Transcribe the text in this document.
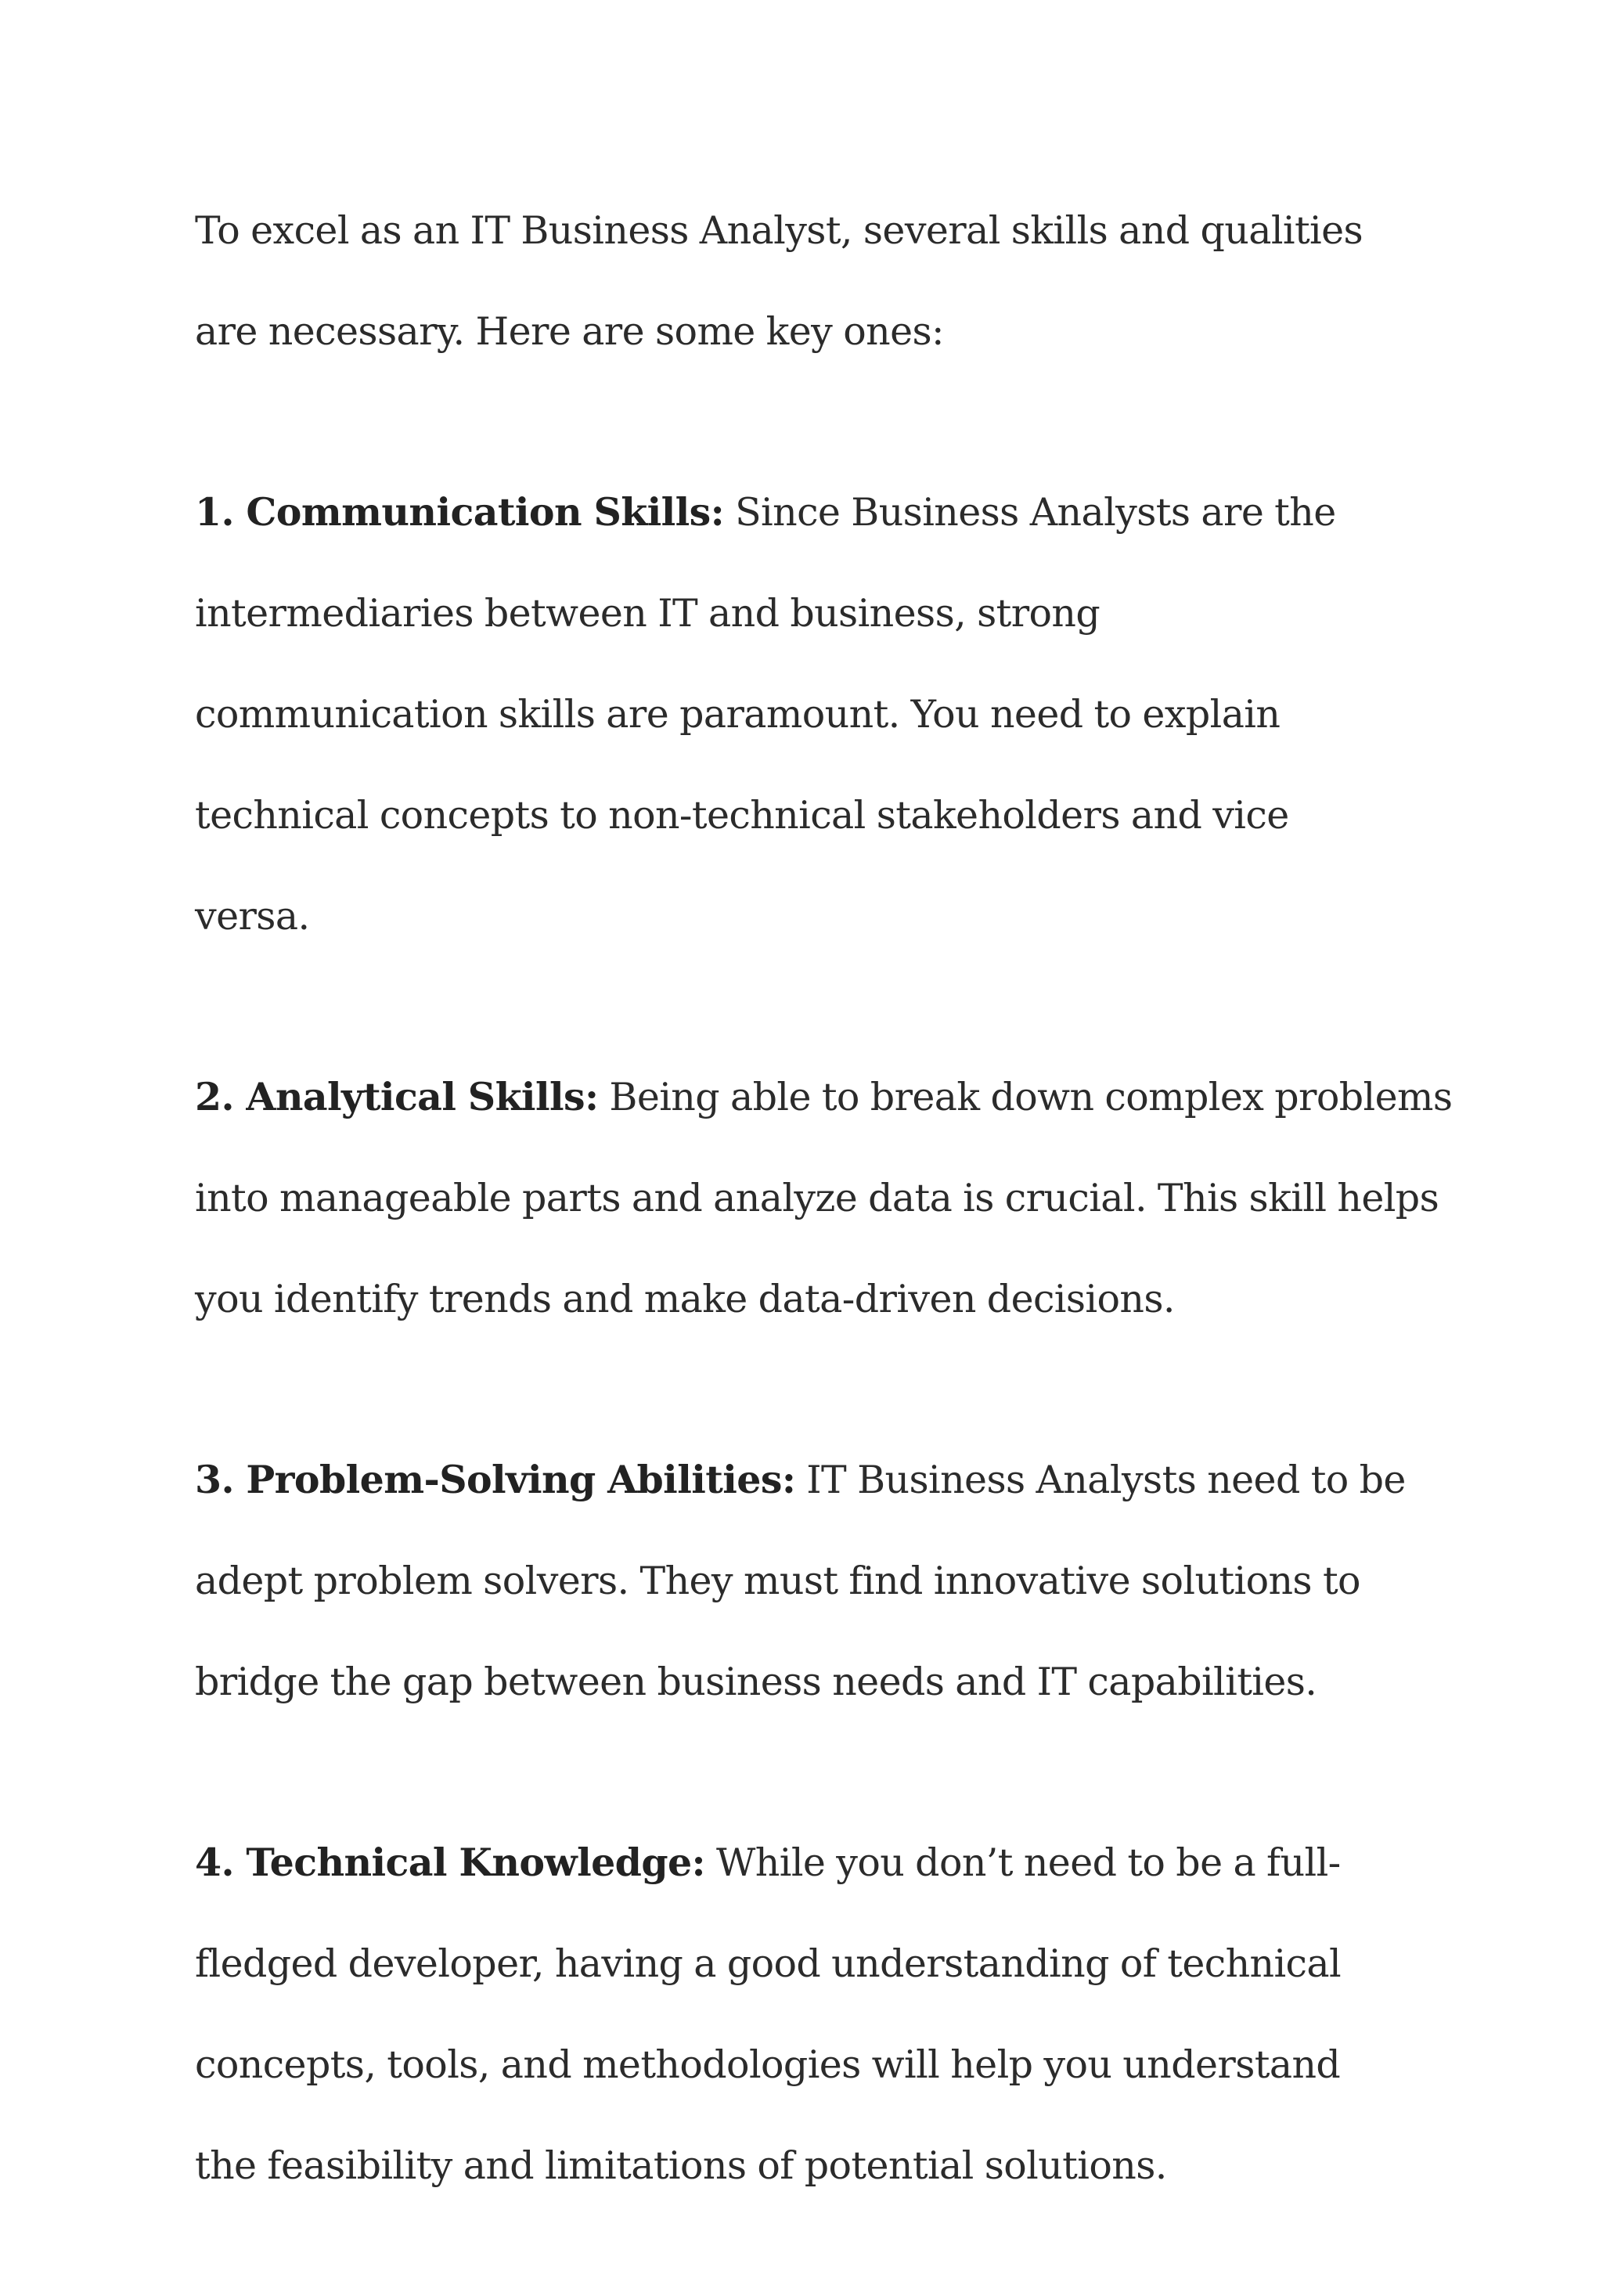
To excel as an IT Business Analyst, several skills and qualities are necessary. Here are some key ones:

1. Communication Skills: Since Business Analysts are the intermediaries between IT and business, strong communication skills are paramount. You need to explain technical concepts to non-technical stakeholders and vice versa.

2. Analytical Skills: Being able to break down complex problems into manageable parts and analyze data is crucial. This skill helps you identify trends and make data-driven decisions.

3. Problem-Solving Abilities: IT Business Analysts need to be adept problem solvers. They must find innovative solutions to bridge the gap between business needs and IT capabilities.

4. Technical Knowledge: While you don’t need to be a full-fledged developer, having a good understanding of technical concepts, tools, and methodologies will help you understand the feasibility and limitations of potential solutions.
